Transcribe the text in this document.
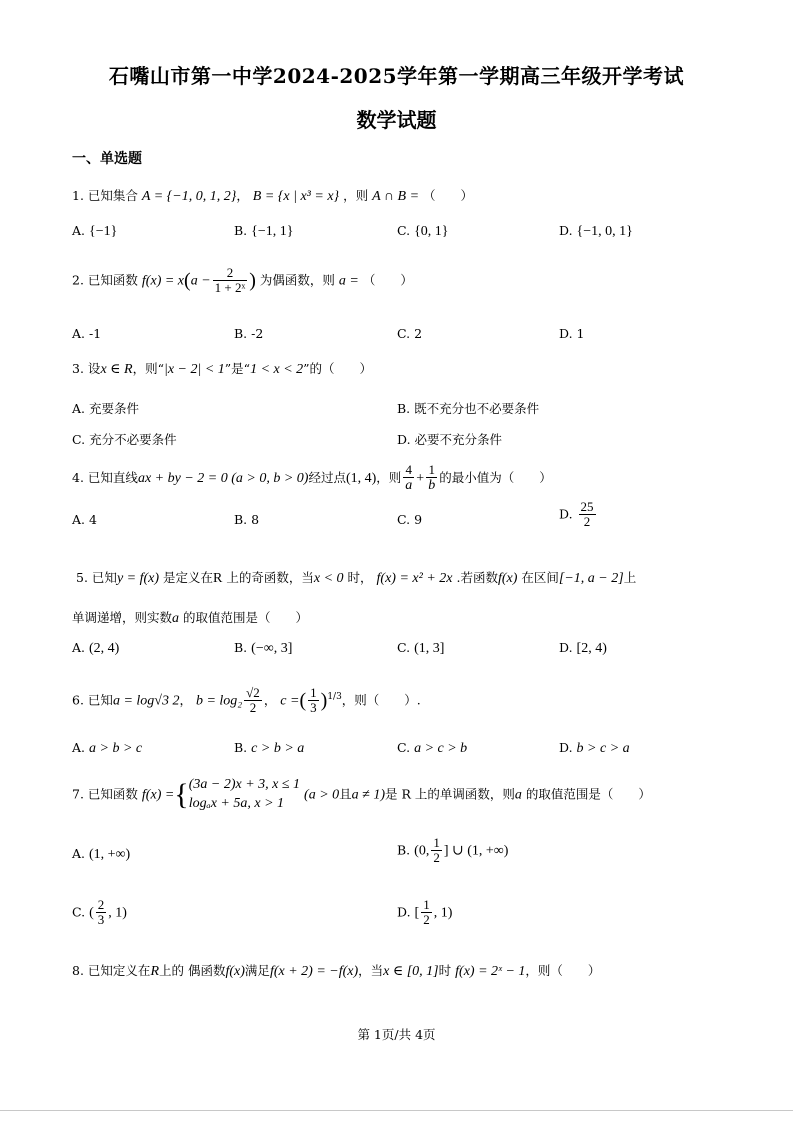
石嘴山市第一中学2024-2025学年第一学期高三年级开学考试
数学试题
一、单选题
1. 已知集合 A = {−1, 0, 1, 2}， B = {x | x³ = x} ，则 A ∩ B = （　　）
A. {−1}	B. {−1, 1}	C. {0, 1}	D. {−1, 0, 1}
2. 已知函数 $f(x) = x(a - \frac{2}{\text{1 + 2ˣ}}$ ) 为偶函数，则 a = （　　）
A. -1	B. -2	C. 2	D. 1
3. 设x ∈ R，则“|x − 2| < 1”是“1 < x < 2”的（　　）
A. 充要条件	B. 既不充分也不必要条件
C. 充分不必要条件	D. 必要不充分条件
4. 已知直线ax + by − 2 = 0 (a > 0, b > 0)经过点(1, 4)，则 $\frac{4}{a} + \frac{1}{b}$ 的最小值为（　　）
A. 4	B. 8	C. 9	D. $\frac{25}{2}$
5. 已知y = f(x) 是定义在R 上的奇函数，当x < 0 时， f(x) = x² + 2x .若函数f(x) 在区间[−1, a − 2]上
单调递增，则实数a 的取值范围是（　　）
A. (2, 4)	B. (−∞, 3]	C. (1, 3]	D. [2, 4)
6. 已知a = log√3 2， $b = \log_2 \frac{√2}{2}$ ， c =( $\frac{1}{3} )^{1/3}$，则（　　）.
A. a > b > c	B. c > b > a	C. a > c > b	D. b > c > a
7. 已知函数 f(x) ={ (3a − 2)x + 3, x ≤ 1
logₐx + 5a, x > 1
(a > 0且a ≠ 1)是 R 上的单调函数，则a 的取值范围是（　　）
A. (1, +∞)	B. (0, $\frac{1}{2}$ ] ∪ (1, +∞)
C. ( $\frac{2}{3}$ , 1)	D. [ $\frac{1}{2}$ , 1)
8. 已知定义在R上的 偶函数f(x)满足f(x + 2) = −f(x)，当x ∈ [0, 1]时 f(x) = 2ˣ − 1，则（　　）
第 1页/共 4页
